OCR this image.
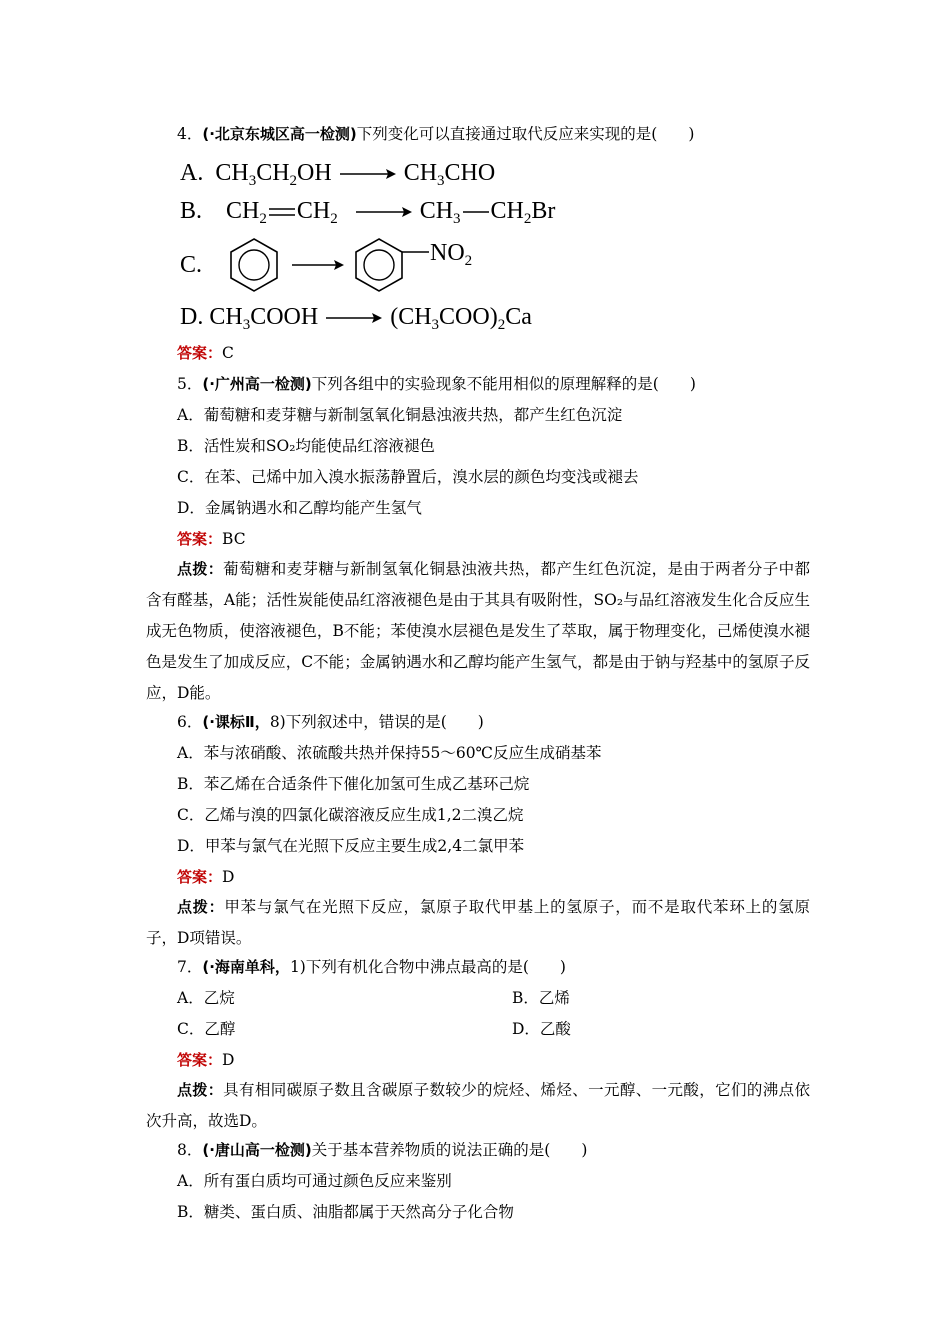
4．(·北京东城区高一检测)下列变化可以直接通过取代反应来实现的是(　　)
A. $CH_3CH_2OH \to CH_3CHO$
B. $CH_2$ $CH_2 \to CH_3$ $CH_2Br$
C.	$NO_2$
D. $CH_3COOH \to (CH_3COO)_2Ca$
答案：C
5．(·广州高一检测)下列各组中的实验现象不能用相似的原理解释的是(　　)
A．葡萄糖和麦芽糖与新制氢氧化铜悬浊液共热，都产生红色沉淀
B．活性炭和SO₂均能使品红溶液褪色
C．在苯、己烯中加入溴水振荡静置后，溴水层的颜色均变浅或褪去
D．金属钠遇水和乙醇均能产生氢气
答案：BC
点拨：葡萄糖和麦芽糖与新制氢氧化铜悬浊液共热，都产生红色沉淀，是由于两者分子中都含有醛基，A能；活性炭能使品红溶液褪色是由于其具有吸附性，SO₂与品红溶液发生化合反应生成无色物质，使溶液褪色，B不能；苯使溴水层褪色是发生了萃取，属于物理变化，己烯使溴水褪色是发生了加成反应，C不能；金属钠遇水和乙醇均能产生氢气，都是由于钠与羟基中的氢原子反应，D能。
6．(·课标Ⅱ，8)下列叙述中，错误的是(　　)
A．苯与浓硝酸、浓硫酸共热并保持55～60℃反应生成硝基苯
B．苯乙烯在合适条件下催化加氢可生成乙基环己烷
C．乙烯与溴的四氯化碳溶液反应生成1,2二溴乙烷
D．甲苯与氯气在光照下反应主要生成2,4二氯甲苯
答案：D
点拨：甲苯与氯气在光照下反应，氯原子取代甲基上的氢原子，而不是取代苯环上的氢原子，D项错误。
7．(·海南单科，1)下列有机化合物中沸点最高的是(　　)
A．乙烷	B．乙烯
C．乙醇	D．乙酸
答案：D
点拨：具有相同碳原子数且含碳原子数较少的烷烃、烯烃、一元醇、一元酸，它们的沸点依次升高，故选D。
8．(·唐山高一检测)关于基本营养物质的说法正确的是(　　)
A．所有蛋白质均可通过颜色反应来鉴别
B．糖类、蛋白质、油脂都属于天然高分子化合物
